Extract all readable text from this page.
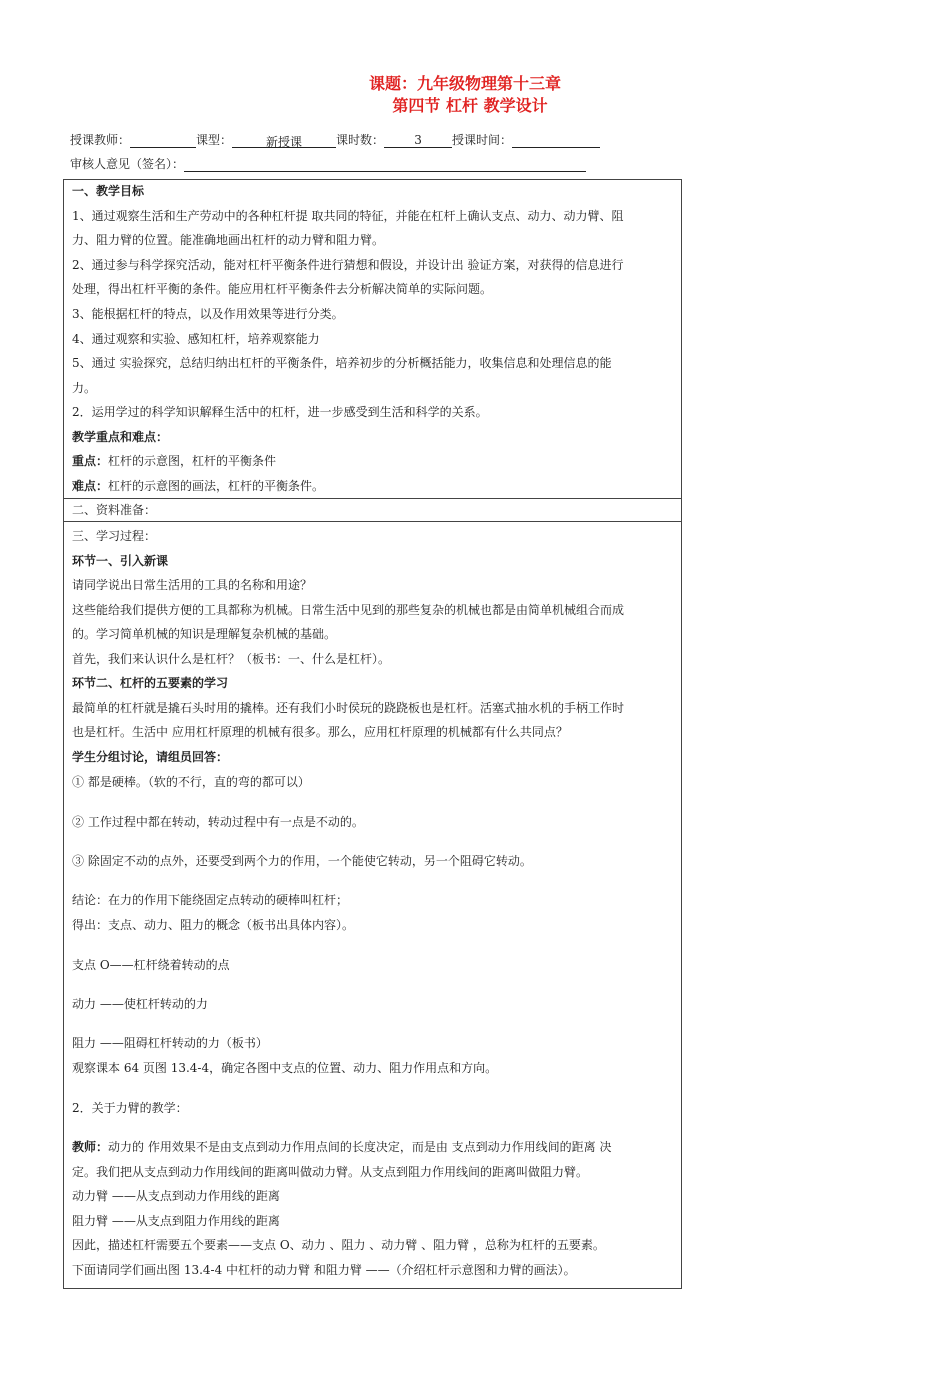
课题：九年级物理第十三章
第四节 杠杆 教学设计
授课教师：	课型：	新授课	课时数：	3	授课时间：
审核人意见（签名）：
一、教学目标
1、通过观察生活和生产劳动中的各种杠杆提 取共同的特征，并能在杠杆上确认支点、动力、动力臂、阻
力、阻力臂的位置。能准确地画出杠杆的动力臂和阻力臂。
2、通过参与科学探究活动，能对杠杆平衡条件进行猜想和假设，并设计出 验证方案，对获得的信息进行
处理，得出杠杆平衡的条件。能应用杠杆平衡条件去分析解决简单的实际问题。
3、能根据杠杆的特点，以及作用效果等进行分类。
4、通过观察和实验、感知杠杆，培养观察能力
5、通过 实验探究，总结归纳出杠杆的平衡条件，培养初步的分析概括能力，收集信息和处理信息的能
力。
2．运用学过的科学知识解释生活中的杠杆，进一步感受到生活和科学的关系。
教学重点和难点：
重点：杠杆的示意图，杠杆的平衡条件
难点：杠杆的示意图的画法，杠杆的平衡条件。
二、资料准备：
三、学习过程：
环节一、引入新课
请同学说出日常生活用的工具的名称和用途？
这些能给我们提供方便的工具都称为机械。日常生活中见到的那些复杂的机械也都是由简单机械组合而成
的。学习简单机械的知识是理解复杂机械的基础。
首先，我们来认识什么是杠杆？（板书：一、什么是杠杆）。
环节二、杠杆的五要素的学习
最简单的杠杆就是撬石头时用的撬棒。还有我们小时侯玩的跷跷板也是杠杆。活塞式抽水机的手柄工作时
也是杠杆。生活中 应用杠杆原理的机械有很多。那么，应用杠杆原理的机械都有什么共同点？
学生分组讨论，请组员回答：
① 都是硬棒。（软的不行，直的弯的都可以）
② 工作过程中都在转动，转动过程中有一点是不动的。
③ 除固定不动的点外，还要受到两个力的作用，一个能使它转动，另一个阻碍它转动。
结论：在力的作用下能绕固定点转动的硬棒叫杠杆；
得出：支点、动力、阻力的概念（板书出具体内容）。
支点 O——杠杆绕着转动的点
动力 ——使杠杆转动的力
阻力 ——阻碍杠杆转动的力（板书）
观察课本 64 页图 13.4-4，确定各图中支点的位置、动力、阻力作用点和方向。
2．关于力臂的教学：
教师：动力的 作用效果不是由支点到动力作用点间的长度决定，而是由 支点到动力作用线间的距离 决
定。我们把从支点到动力作用线间的距离叫做动力臂。从支点到阻力作用线间的距离叫做阻力臂。
动力臂 ——从支点到动力作用线的距离
阻力臂 ——从支点到阻力作用线的距离
因此，描述杠杆需要五个要素——支点 O、动力 、阻力 、动力臂 、阻力臂 ，总称为杠杆的五要素。
下面请同学们画出图 13.4-4 中杠杆的动力臂 和阻力臂 ——（介绍杠杆示意图和力臂的画法）。
